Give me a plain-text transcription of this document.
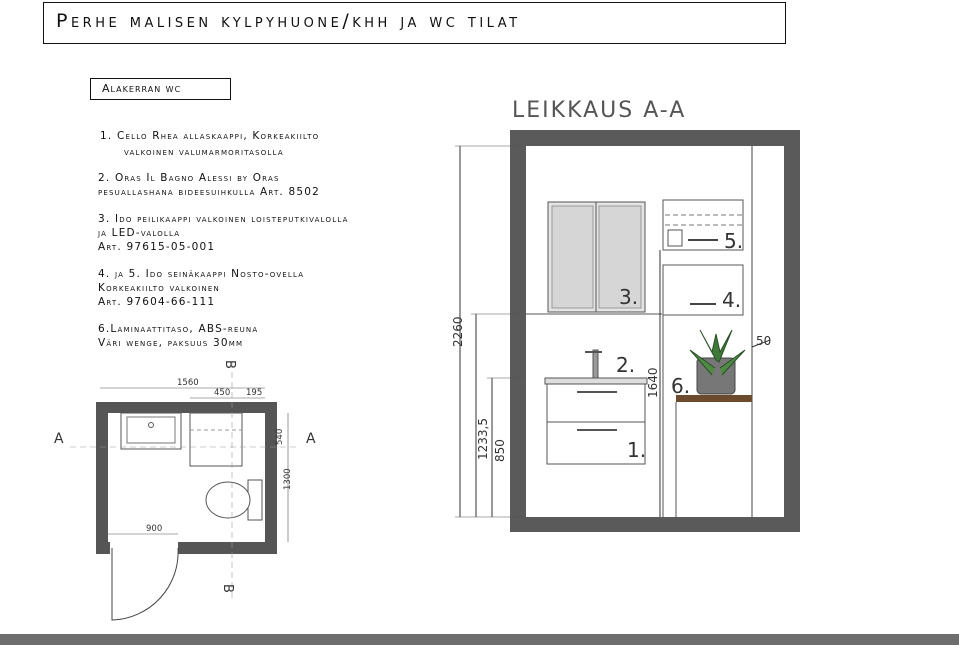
Perhe malisen kylpyhuone/khh ja wc tilat
Alakerran wc
1. Cello Rhea allaskaappi, Korkeakiilto
valkoinen valumarmoritasolla
2. Oras Il Bagno Alessi by Oras
pesuallashana bideesuihkulla Art. 8502
3. Ido peilikaappi valkoinen loisteputkivalolla
ja LED-valolla
Art. 97615-05-001
4. ja 5. Ido seinäkaappi Nosto-ovella
Korkeakiilto valkoinen
Art. 97604-66-111
6.Laminaattitaso, ABS-reuna
Väri wenge, paksuus 30mm
LEIKKAUS A-A
2260
1233,5
1640
850
50
1.
2.
3.	4.
5.
6.
1560
450 195
540
1300
900
A	A
B
B
